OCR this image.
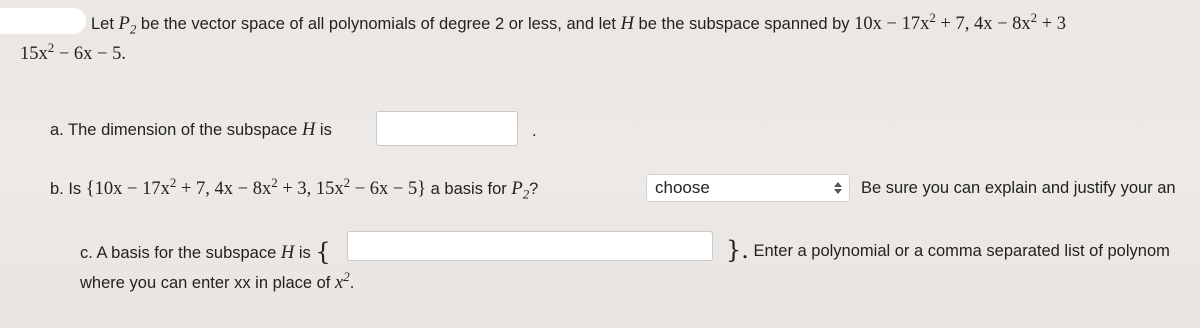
Let $P_2$ be the vector space of all polynomials of degree 2 or less, and let H be the subspace spanned by $10x - 17x^2 + 7$, $4x - 8x^2 + 3$
$15x^2 - 6x - 5$.
a. The dimension of the subspace H is	.
b. Is {$10x - 17x^2 + 7$, $4x - 8x^2 + 3$, $15x^2 - 6x - 5$} a basis for $P_2$?	choose	Be sure you can explain and justify your an
c. A basis for the subspace H is {	}. Enter a polynomial or a comma separated list of polynom
where you can enter xx in place of $x^2$.
